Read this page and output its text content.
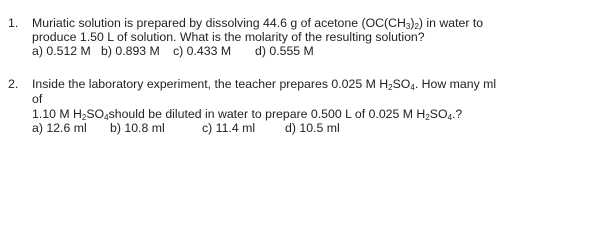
1. Muriatic solution is prepared by dissolving 44.6 g of acetone $(OC(CH_3)_2)$ in water to
produce 1.50 L of solution. What is the molarity of the resulting solution?
a) 0.512 M b) 0.893 M c) 0.433 M d) 0.555 M
2. Inside the laboratory experiment, the teacher prepares 0.025 M $H_2SO_4$. How many ml
of
1.10 M $H_2SO_4should$ be diluted in water to prepare 0.500 L of 0.025 M $H_2SO_4$.?
a) 12.6 ml b) 10.8 ml	c) 11.4 ml d) 10.5 ml
